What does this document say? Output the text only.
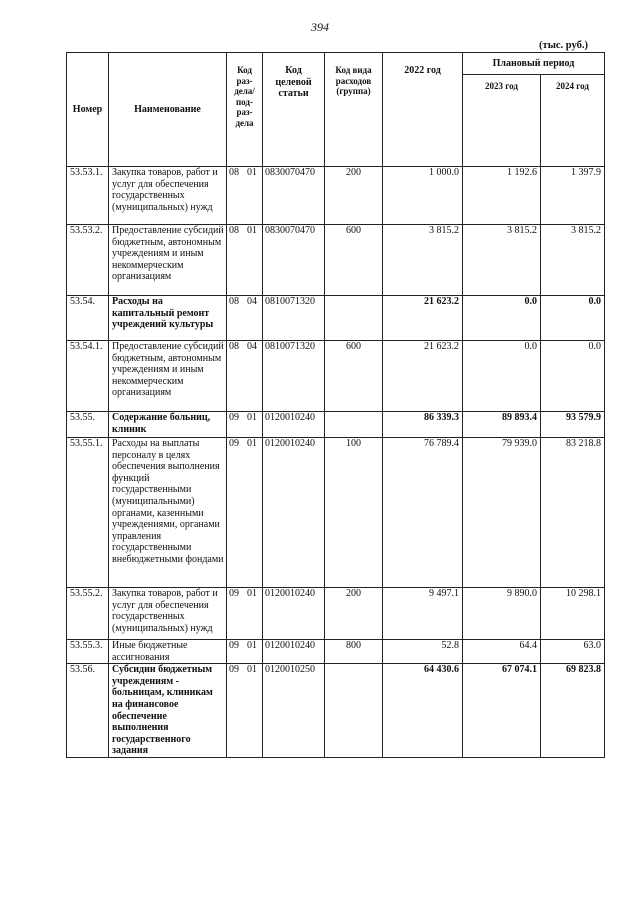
394
(тыс. руб.)
Номер	Наименование	Код раз-дела/ под-раз-дела	Код целевой статьи	Код вида расходов (группа)	2022 год	Плановый период	
						2023 год	2024 год
53.53.1.	Закупка товаров, работ и услуг для обеспечения государственных (муниципальных) нужд	08 01	0830070470	200	1 000.0	1 192.6	1 397.9
53.53.2.	Предоставление субсидий бюджетным, автономным учреждениям и иным некоммерческим организациям	08 01	0830070470	600	3 815.2	3 815.2	3 815.2
53.54.	Расходы на капитальный ремонт учреждений культуры	08 04	0810071320		21 623.2	0.0	0.0
53.54.1.	Предоставление субсидий бюджетным, автономным учреждениям и иным некоммерческим организациям	08 04	0810071320	600	21 623.2	0.0	0.0
53.55.	Содержание больниц, клиник	09 01	0120010240		86 339.3	89 893.4	93 579.9
53.55.1.	Расходы на выплаты персоналу в целях обеспечения выполнения функций государственными (муниципальными) органами, казенными учреждениями, органами управления государственными внебюджетными фондами	09 01	0120010240	100	76 789.4	79 939.0	83 218.8
53.55.2.	Закупка товаров, работ и услуг для обеспечения государственных (муниципальных) нужд	09 01	0120010240	200	9 497.1	9 890.0	10 298.1
53.55.3.	Иные бюджетные ассигнования	09 01	0120010240	800	52.8	64.4	63.0
53.56.	Субсидии бюджетным учреждениям - больницам, клиникам на финансовое обеспечение выполнения государственного задания	09 01	0120010250		64 430.6	67 074.1	69 823.8
